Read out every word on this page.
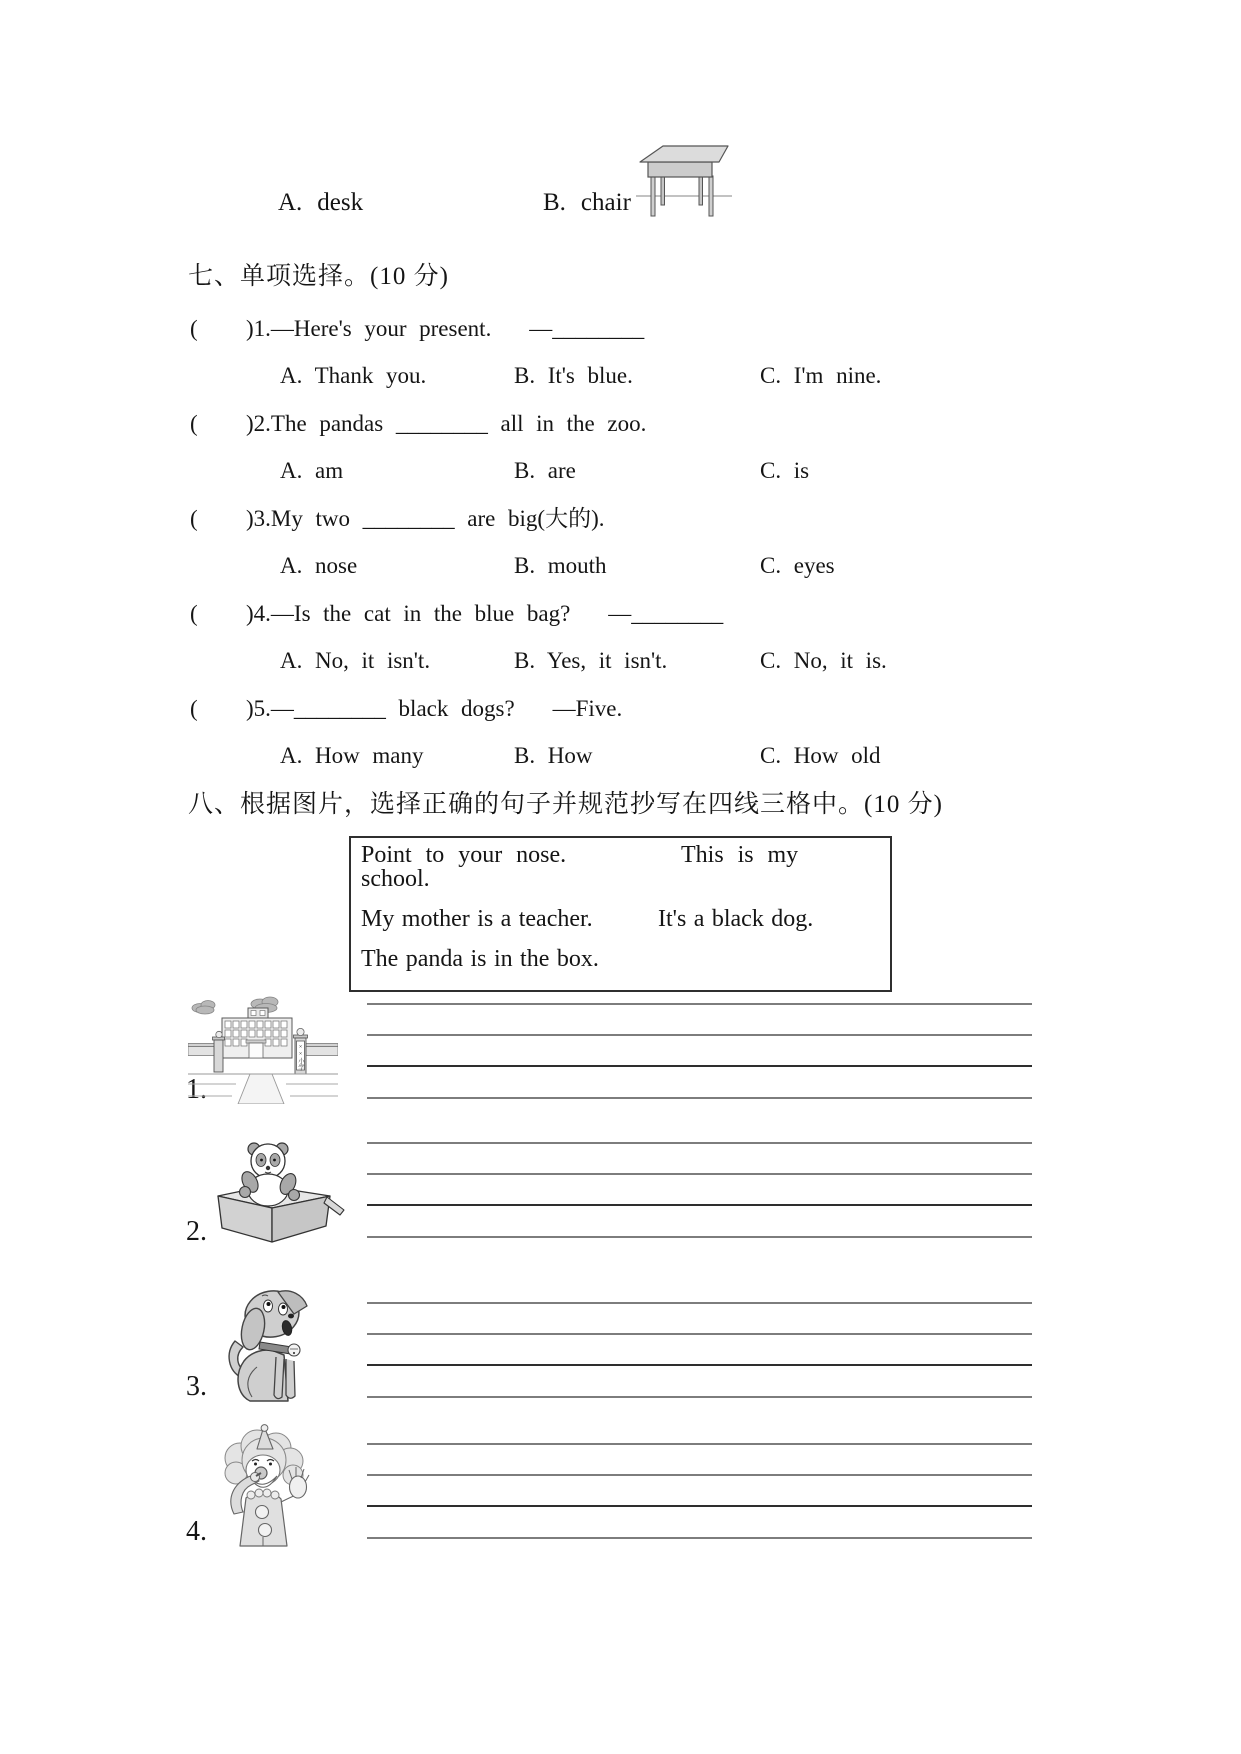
A. desk	B. chair
七、单项选择。(10 分)
( )1.—Here's your present.   —________
A. Thank you.	B. It's blue.	C. I'm nine.
( )2.The pandas ________ all in the zoo.
A. am	B. are	C. is
( )3.My two ________ are big(大的).
A. nose	B. mouth	C. eyes
( )4.—Is the cat in the blue bag?   —________
A. No, it isn't.	B. Yes, it isn't.	C. No, it is.
( )5.—________ black dogs?   —Five.
A. How many	B. How	C. How old
八、根据图片，选择正确的句子并规范抄写在四线三格中。(10 分)
Point to your nose.	This is my
school.
My mother is a teacher.	It's a black dog.
The panda is in the box.
1.
××小学
2.
3.
4.
